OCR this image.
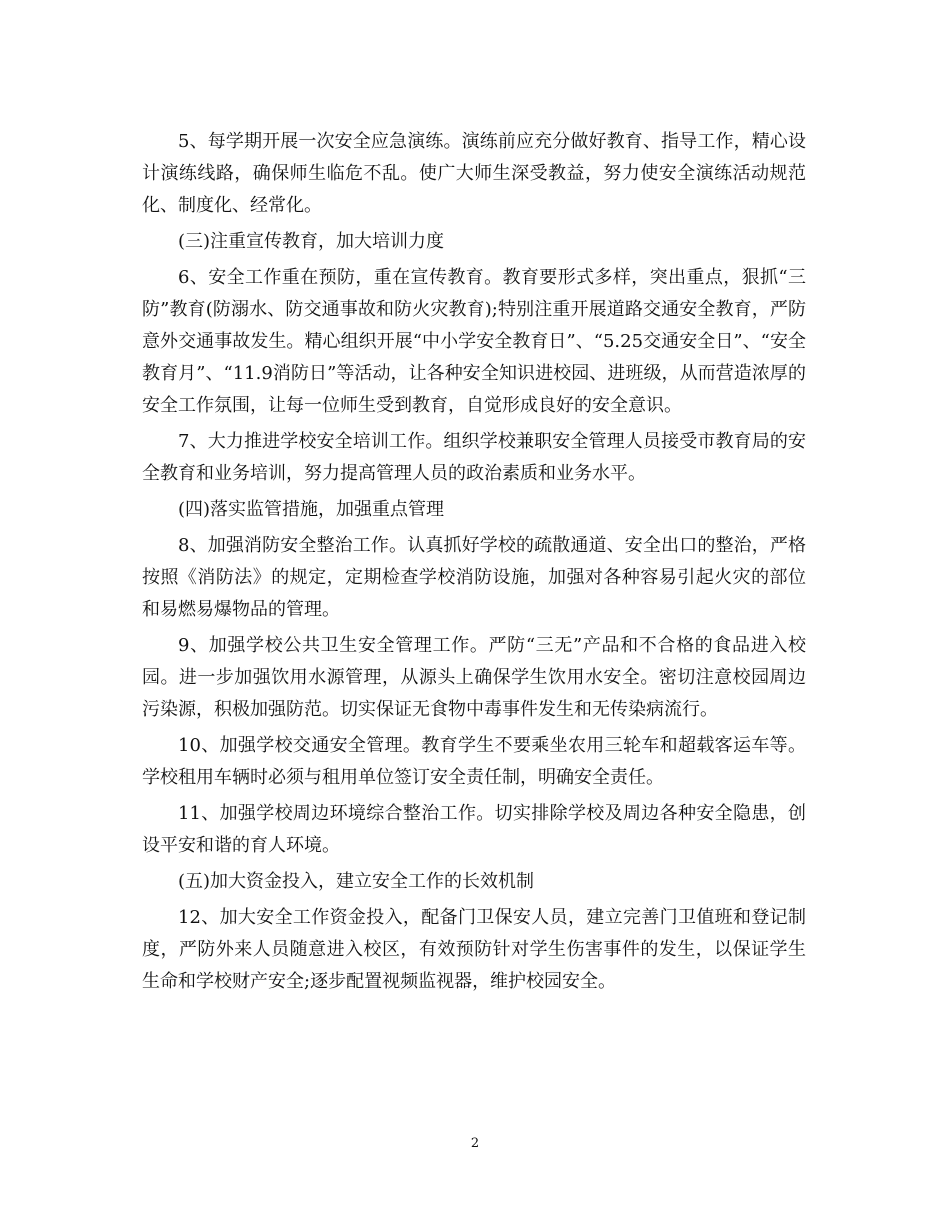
5、每学期开展一次安全应急演练。演练前应充分做好教育、指导工作，精心设计演练线路，确保师生临危不乱。使广大师生深受教益，努力使安全演练活动规范化、制度化、经常化。

(三)注重宣传教育，加大培训力度

6、安全工作重在预防，重在宣传教育。教育要形式多样，突出重点，狠抓“三防”教育(防溺水、防交通事故和防火灾教育);特别注重开展道路交通安全教育，严防意外交通事故发生。精心组织开展“中小学安全教育日”、“5.25交通安全日”、“安全教育月”、“11.9消防日”等活动，让各种安全知识进校园、进班级，从而营造浓厚的安全工作氛围，让每一位师生受到教育，自觉形成良好的安全意识。

7、大力推进学校安全培训工作。组织学校兼职安全管理人员接受市教育局的安全教育和业务培训，努力提高管理人员的政治素质和业务水平。

(四)落实监管措施，加强重点管理

8、加强消防安全整治工作。认真抓好学校的疏散通道、安全出口的整治，严格按照《消防法》的规定，定期检查学校消防设施，加强对各种容易引起火灾的部位和易燃易爆物品的管理。

9、加强学校公共卫生安全管理工作。严防“三无”产品和不合格的食品进入校园。进一步加强饮用水源管理，从源头上确保学生饮用水安全。密切注意校园周边污染源，积极加强防范。切实保证无食物中毒事件发生和无传染病流行。

10、加强学校交通安全管理。教育学生不要乘坐农用三轮车和超载客运车等。学校租用车辆时必须与租用单位签订安全责任制，明确安全责任。

11、加强学校周边环境综合整治工作。切实排除学校及周边各种安全隐患，创设平安和谐的育人环境。

(五)加大资金投入，建立安全工作的长效机制

12、加大安全工作资金投入，配备门卫保安人员，建立完善门卫值班和登记制度，严防外来人员随意进入校区，有效预防针对学生伤害事件的发生，以保证学生生命和学校财产安全;逐步配置视频监视器，维护校园安全。

2
